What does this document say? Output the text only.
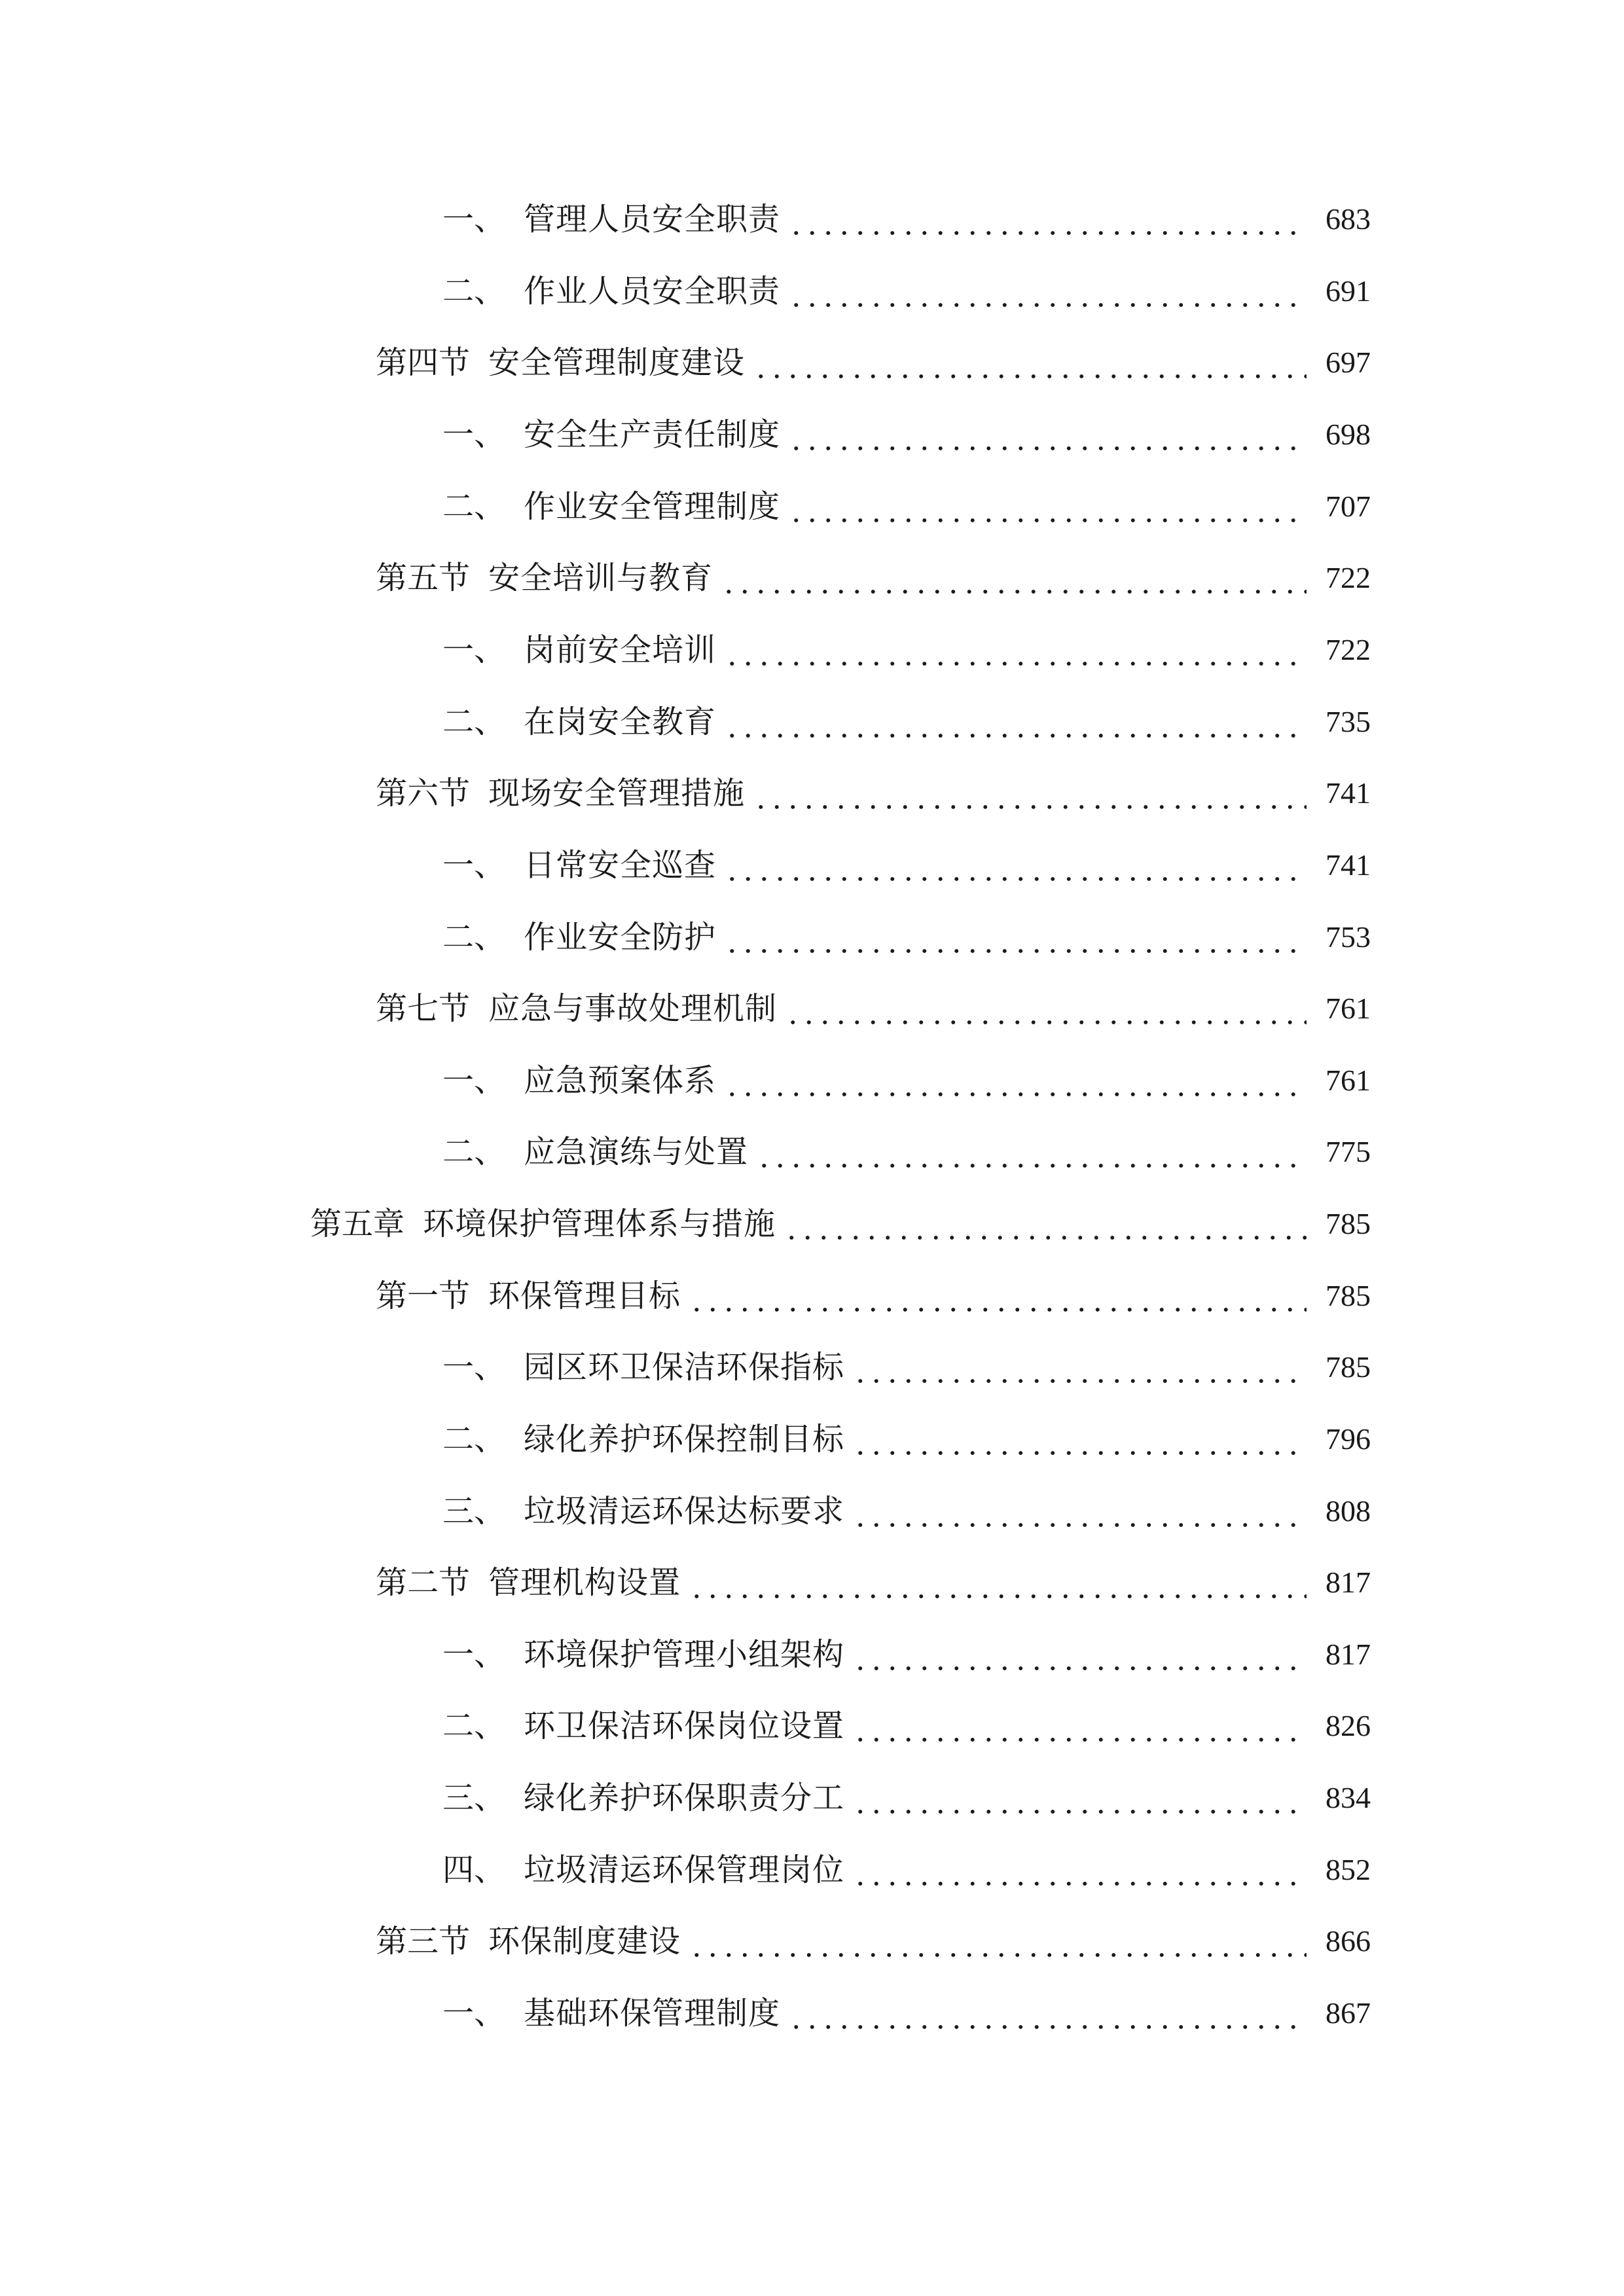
一、 管理人员安全职责	683
二、 作业人员安全职责	691
第四节 安全管理制度建设	697
一、 安全生产责任制度	698
二、 作业安全管理制度	707
第五节 安全培训与教育	722
一、 岗前安全培训	722
二、 在岗安全教育	735
第六节 现场安全管理措施	741
一、 日常安全巡查	741
二、 作业安全防护	753
第七节 应急与事故处理机制	761
一、 应急预案体系	761
二、 应急演练与处置	775
第五章 环境保护管理体系与措施	785
第一节 环保管理目标	785
一、 园区环卫保洁环保指标	785
二、 绿化养护环保控制目标	796
三、 垃圾清运环保达标要求	808
第二节 管理机构设置	817
一、 环境保护管理小组架构	817
二、 环卫保洁环保岗位设置	826
三、 绿化养护环保职责分工	834
四、 垃圾清运环保管理岗位	852
第三节 环保制度建设	866
一、 基础环保管理制度	867
